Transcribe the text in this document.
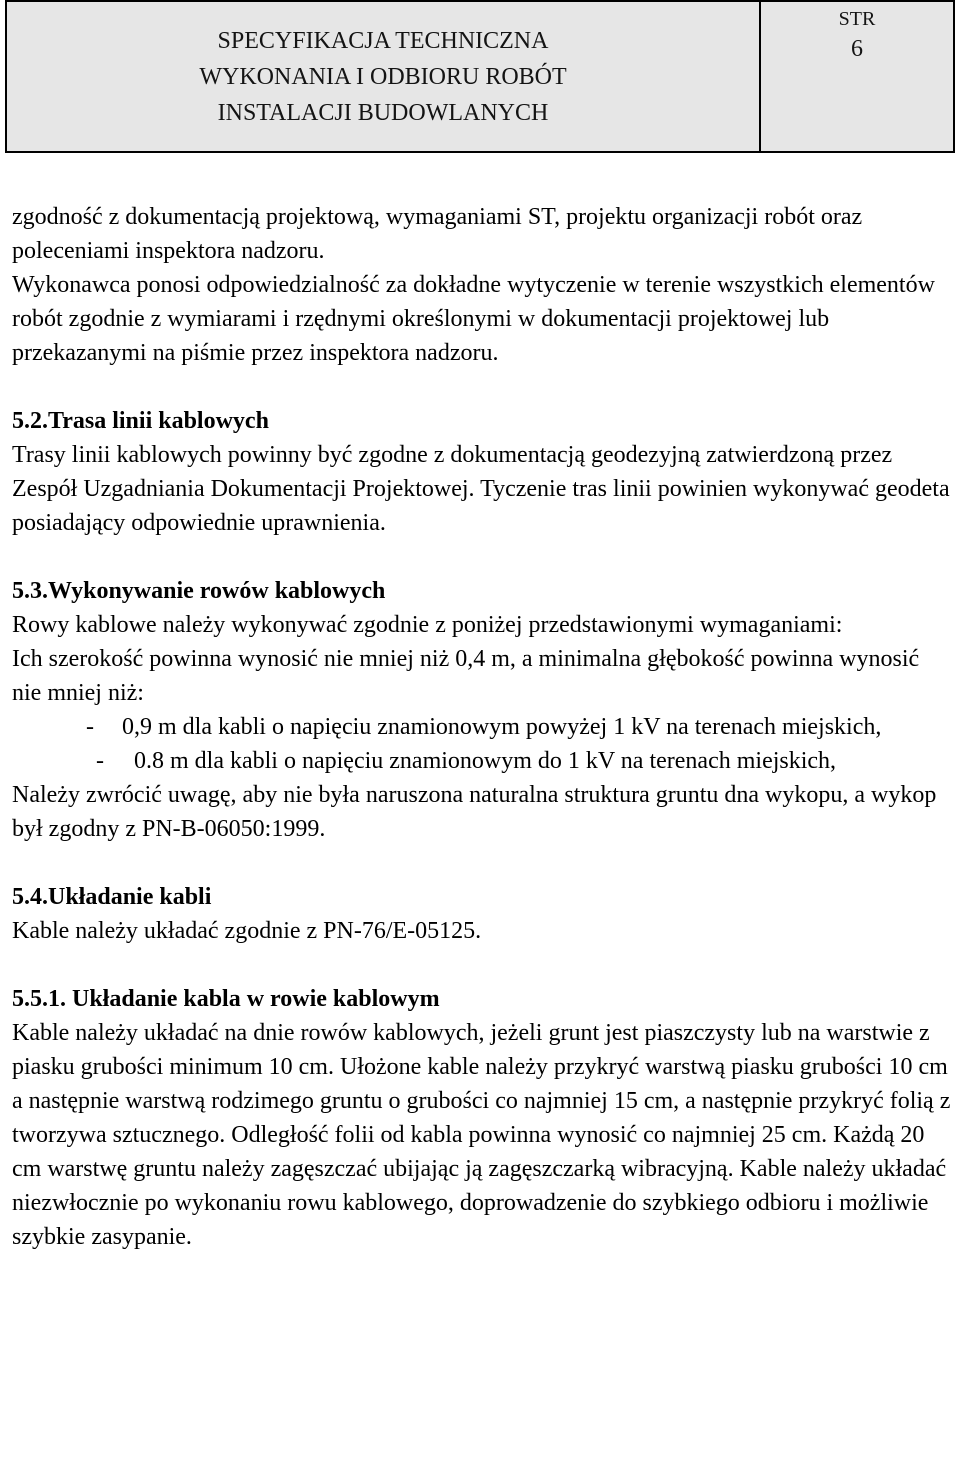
SPECYFIKACJA TECHNICZNA
WYKONANIA I ODBIORU ROBÓT
INSTALACJI BUDOWLANYCH
STR
6

zgodność z dokumentacją projektową, wymaganiami ST, projektu organizacji robót oraz poleceniami inspektora nadzoru.

Wykonawca ponosi odpowiedzialność za dokładne wytyczenie w terenie wszystkich elementów robót zgodnie z wymiarami i rzędnymi określonymi w dokumentacji projektowej lub przekazanymi na piśmie przez inspektora nadzoru.

5.2.Trasa linii kablowych

Trasy linii kablowych powinny być zgodne z dokumentacją geodezyjną zatwierdzoną przez Zespół Uzgadniania Dokumentacji Projektowej. Tyczenie tras linii powinien wykonywać geodeta posiadający odpowiednie uprawnienia.

5.3.Wykonywanie rowów kablowych

Rowy kablowe należy wykonywać zgodnie z poniżej przedstawionymi wymaganiami:

Ich szerokość powinna wynosić nie mniej niż 0,4 m, a minimalna głębokość powinna wynosić nie mniej niż:

- 0,9 m dla kabli o napięciu znamionowym powyżej 1 kV na terenach miejskich,
- 0.8 m dla kabli o napięciu znamionowym do 1 kV na terenach miejskich,

Należy zwrócić uwagę, aby nie była naruszona naturalna struktura gruntu dna wykopu, a wykop był zgodny z PN-B-06050:1999.

5.4.Układanie kabli

Kable należy układać zgodnie z PN-76/E-05125.

5.5.1. Układanie kabla w rowie kablowym

Kable należy układać na dnie rowów kablowych, jeżeli grunt jest piaszczysty lub na warstwie z piasku grubości minimum 10 cm. Ułożone kable należy przykryć warstwą piasku grubości 10 cm a następnie warstwą rodzimego gruntu o grubości co najmniej 15 cm, a następnie przykryć folią z tworzywa sztucznego. Odległość folii od kabla powinna wynosić co najmniej 25 cm. Każdą 20 cm warstwę gruntu należy zagęszczać ubijając ją zagęszczarką wibracyjną. Kable należy układać niezwłocznie po wykonaniu rowu kablowego, doprowadzenie do szybkiego odbioru i możliwie szybkie zasypanie.
